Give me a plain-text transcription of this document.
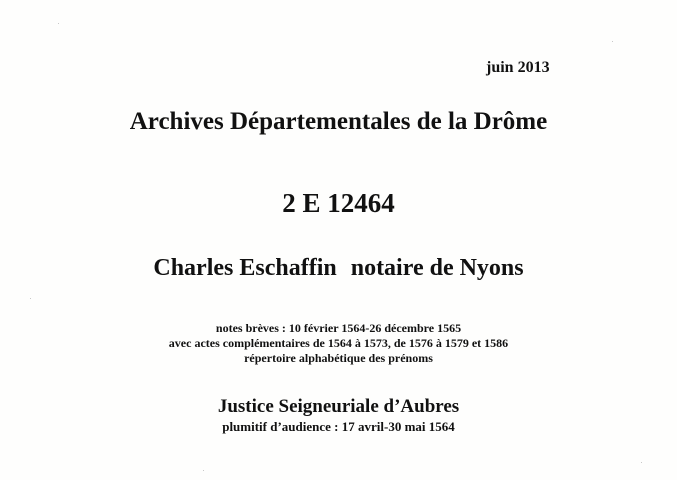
juin 2013
Archives Départementales de la Drôme
2 E 12464
Charles Eschaffin notaire de Nyons
notes brèves : 10 février 1564-26 décembre 1565
avec actes complémentaires de 1564 à 1573, de 1576 à 1579 et 1586
répertoire alphabétique des prénoms
Justice Seigneuriale d’Aubres
plumitif d’audience : 17 avril-30 mai 1564
